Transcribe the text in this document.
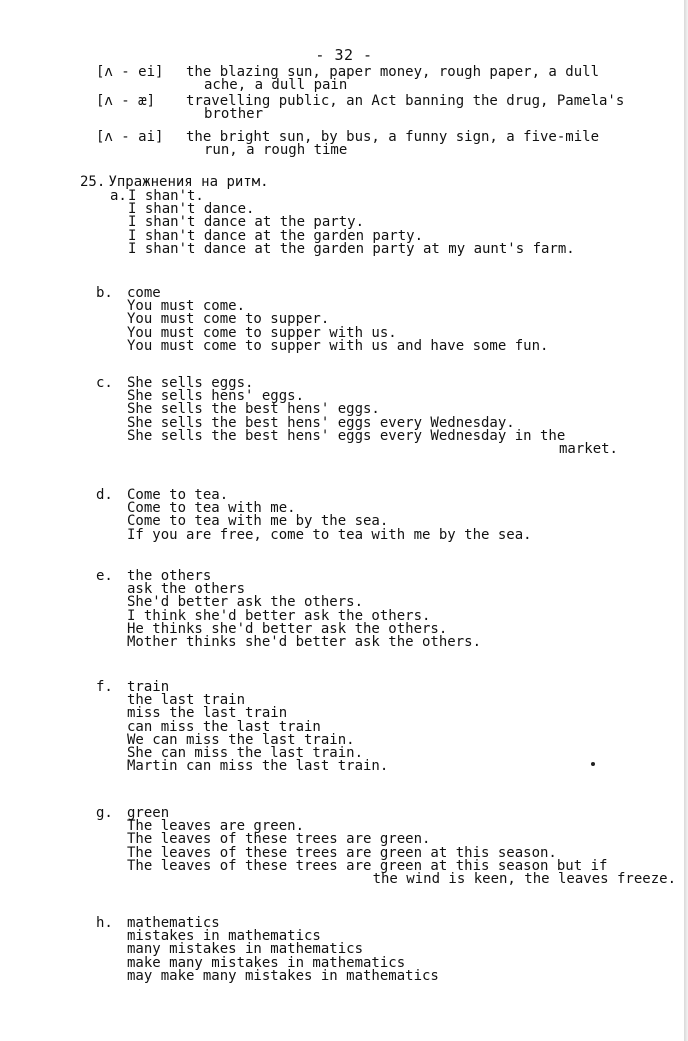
- 32 -
[ʌ - ei] the blazing sun, paper money, rough paper, a dull
ache, a dull pain
[ʌ - æ] travelling public, an Act banning the drug, Pamela's
brother
[ʌ - ai] the bright sun, by bus, a funny sign, a five-mile
run, a rough time
25. Упражнения на ритм.
a. I shan't.
I shan't dance.
I shan't dance at the party.
I shan't dance at the garden party.
I shan't dance at the garden party at my aunt's farm.
b. come
You must come.
You must come to supper.
You must come to supper with us.
You must come to supper with us and have some fun.
c. She sells eggs.
She sells hens' eggs.
She sells the best hens' eggs.
She sells the best hens' eggs every Wednesday.
She sells the best hens' eggs every Wednesday in the
market.
d. Come to tea.
Come to tea with me.
Come to tea with me by the sea.
If you are free, come to tea with me by the sea.
e. the others
ask the others
She'd better ask the others.
I think she'd better ask the others.
He thinks she'd better ask the others.
Mother thinks she'd better ask the others.
f. train
the last train
miss the last train
can miss the last train
We can miss the last train.
She can miss the last train.
Martin can miss the last train.
g. green
The leaves are green.
The leaves of these trees are green.
The leaves of these trees are green at this season.
The leaves of these trees are green at this season but if
the wind is keen, the leaves freeze.
h. mathematics
mistakes in mathematics
many mistakes in mathematics
make many mistakes in mathematics
may make many mistakes in mathematics
